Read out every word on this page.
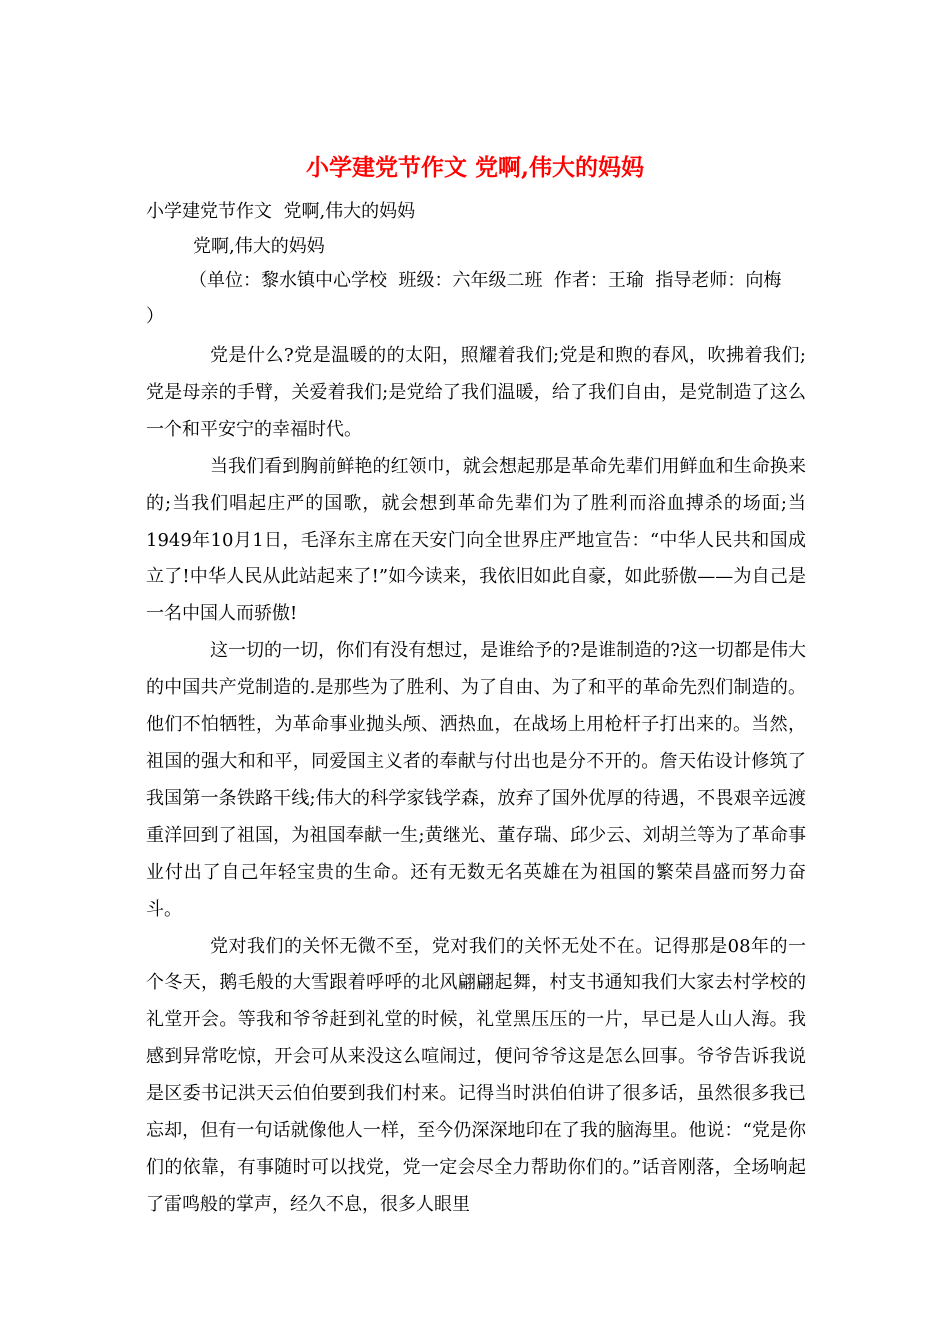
小学建党节作文 党啊,伟大的妈妈
小学建党节作文  党啊,伟大的妈妈
党啊,伟大的妈妈
（单位：黎水镇中心学校  班级：六年级二班  作者：王瑜  指导老师：向梅
）

党是什么?党是温暖的的太阳，照耀着我们;党是和煦的春风，吹拂着我们;党是母亲的手臂，关爱着我们;是党给了我们温暖，给了我们自由，是党制造了这么一个和平安宁的幸福时代。

当我们看到胸前鲜艳的红领巾，就会想起那是革命先辈们用鲜血和生命换来的;当我们唱起庄严的国歌，就会想到革命先辈们为了胜利而浴血搏杀的场面;当1949年10月1日，毛泽东主席在天安门向全世界庄严地宣告：“中华人民共和国成立了!中华人民从此站起来了!”如今读来，我依旧如此自豪，如此骄傲——为自己是一名中国人而骄傲!

这一切的一切，你们有没有想过，是谁给予的?是谁制造的?这一切都是伟大的中国共产党制造的.是那些为了胜利、为了自由、为了和平的革命先烈们制造的。他们不怕牺牲，为革命事业抛头颅、洒热血，在战场上用枪杆子打出来的。当然，祖国的强大和和平，同爱国主义者的奉献与付出也是分不开的。詹天佑设计修筑了我国第一条铁路干线;伟大的科学家钱学森，放弃了国外优厚的待遇，不畏艰辛远渡重洋回到了祖国，为祖国奉献一生;黄继光、董存瑞、邱少云、刘胡兰等为了革命事业付出了自己年轻宝贵的生命。还有无数无名英雄在为祖国的繁荣昌盛而努力奋斗。

党对我们的关怀无微不至，党对我们的关怀无处不在。记得那是08年的一个冬天，鹅毛般的大雪跟着呼呼的北风翩翩起舞，村支书通知我们大家去村学校的礼堂开会。等我和爷爷赶到礼堂的时候，礼堂黑压压的一片，早已是人山人海。我感到异常吃惊，开会可从来没这么喧闹过，便问爷爷这是怎么回事。爷爷告诉我说是区委书记洪天云伯伯要到我们村来。记得当时洪伯伯讲了很多话，虽然很多我已忘却，但有一句话就像他人一样，至今仍深深地印在了我的脑海里。他说：“党是你们的依靠，有事随时可以找党，党一定会尽全力帮助你们的。”话音刚落，全场响起了雷鸣般的掌声，经久不息，很多人眼里
